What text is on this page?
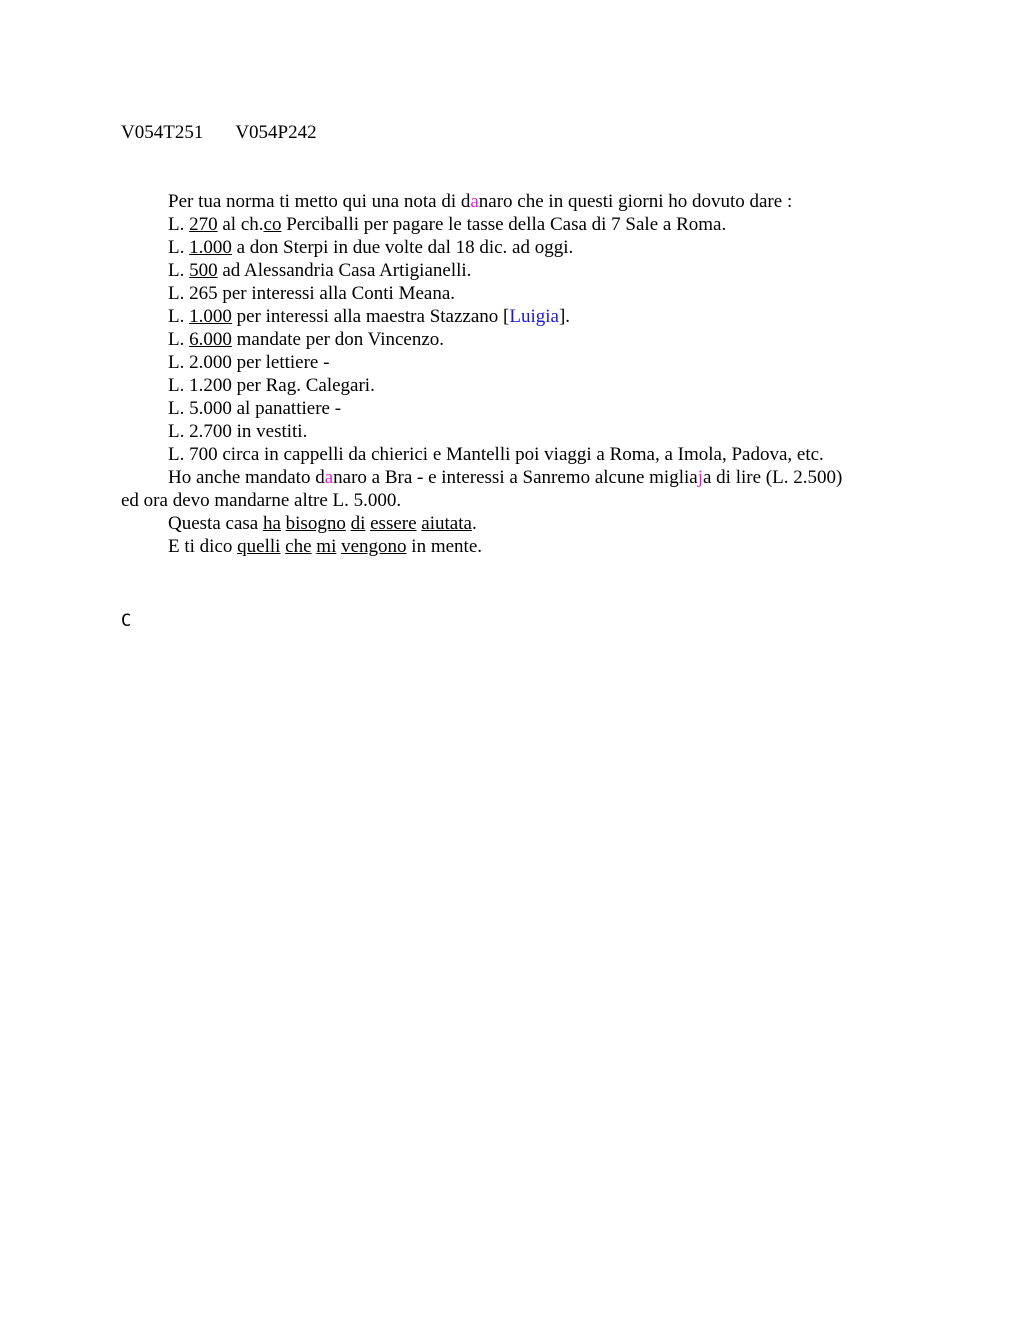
V054T251 V054P242

Per tua norma ti metto qui una nota di danaro che in questi giorni ho dovuto dare :

L. 270 al ch.co Perciballi per pagare le tasse della Casa di 7 Sale a Roma.

L. 1.000 a don Sterpi in due volte dal 18 dic. ad oggi.

L. 500 ad Alessandria Casa Artigianelli.

L. 265 per interessi alla Conti Meana.

L. 1.000 per interessi alla maestra Stazzano [Luigia].

L. 6.000 mandate per don Vincenzo.

L. 2.000 per lettiere -

L. 1.200 per Rag. Calegari.

L. 5.000 al panattiere -

L. 2.700 in vestiti.

L. 700 circa in cappelli da chierici e Mantelli poi viaggi a Roma, a Imola, Padova, etc.

Ho anche mandato danaro a Bra - e interessi a Sanremo alcune migliaja di lire (L. 2.500) ed ora devo mandarne altre L. 5.000.

Questa casa ha bisogno di essere aiutata.

E ti dico quelli che mi vengono in mente.

C
